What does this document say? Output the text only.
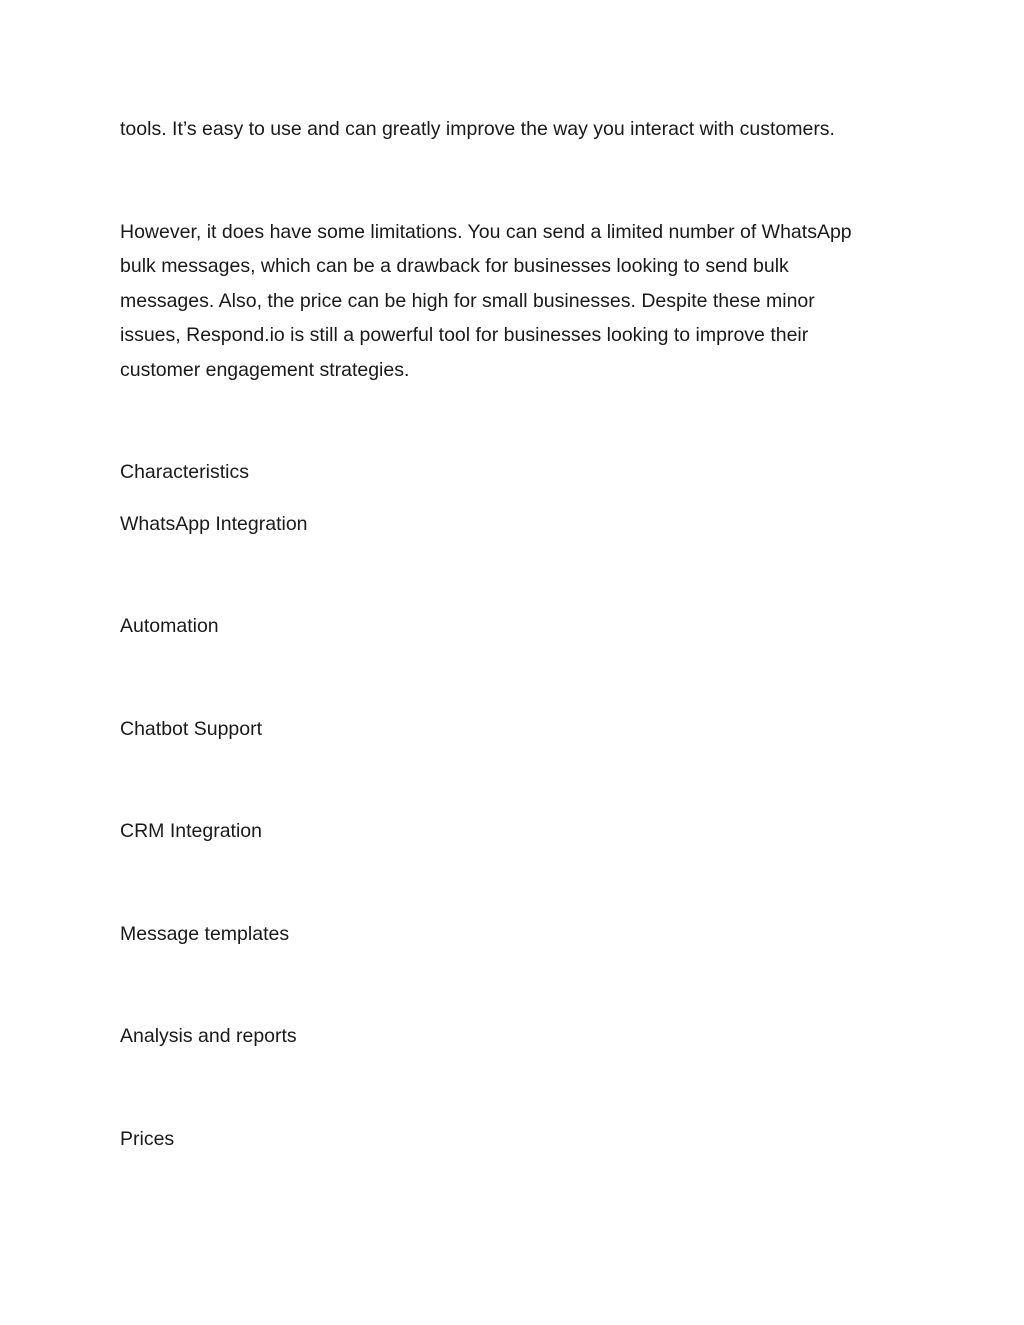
tools. It’s easy to use and can greatly improve the way you interact with customers.

However, it does have some limitations. You can send a limited number of WhatsApp bulk messages, which can be a drawback for businesses looking to send bulk messages. Also, the price can be high for small businesses. Despite these minor issues, Respond.io is still a powerful tool for businesses looking to improve their customer engagement strategies.

Characteristics

WhatsApp Integration

Automation

Chatbot Support

CRM Integration

Message templates

Analysis and reports

Prices
